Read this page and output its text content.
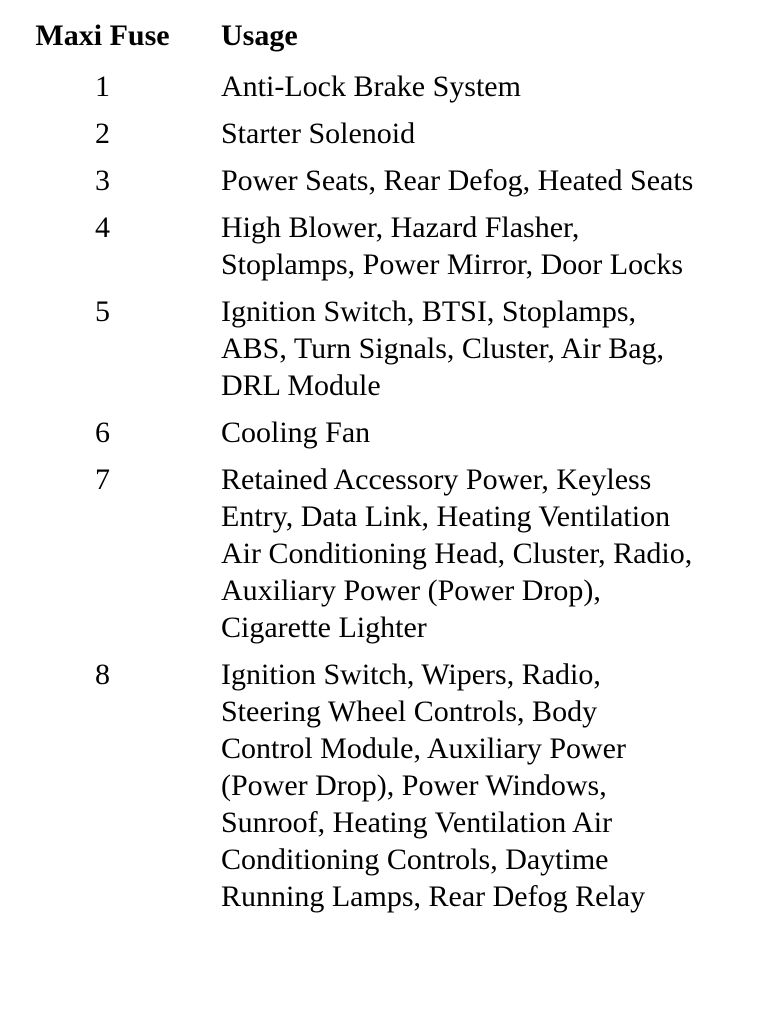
Maxi Fuse	Usage
1	Anti-Lock Brake System
2	Starter Solenoid
3	Power Seats, Rear Defog, Heated Seats
4	High Blower, Hazard Flasher,
Stoplamps, Power Mirror, Door Locks
5	Ignition Switch, BTSI, Stoplamps,
ABS, Turn Signals, Cluster, Air Bag,
DRL Module
6	Cooling Fan
7	Retained Accessory Power, Keyless
Entry, Data Link, Heating Ventilation
Air Conditioning Head, Cluster, Radio,
Auxiliary Power (Power Drop),
Cigarette Lighter
8	Ignition Switch, Wipers, Radio,
Steering Wheel Controls, Body
Control Module, Auxiliary Power
(Power Drop), Power Windows,
Sunroof, Heating Ventilation Air
Conditioning Controls, Daytime
Running Lamps, Rear Defog Relay
